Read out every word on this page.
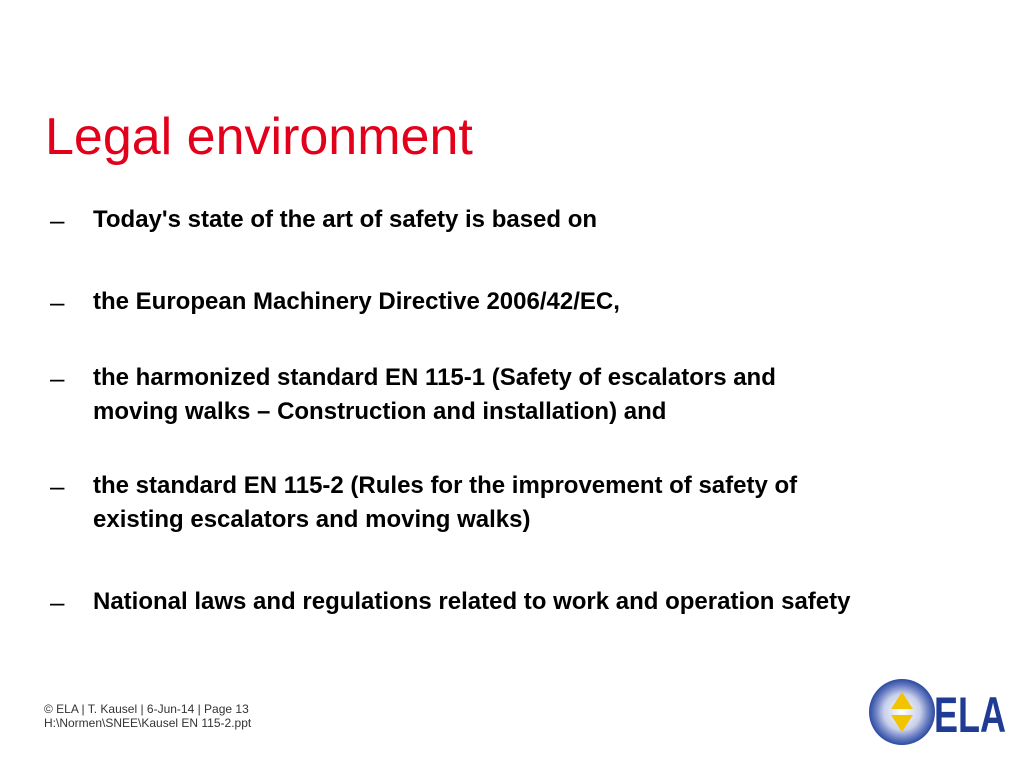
Legal environment
–	Today's state of the art of safety is based on
–	the European Machinery Directive 2006/42/EC,
–	the harmonized standard EN 115-1 (Safety of escalators and moving walks – Construction and installation) and
–	the standard EN 115-2 (Rules for the improvement of safety of existing escalators and moving walks)
–	National laws and regulations related to work and operation safety
© ELA | T. Kausel | 6-Jun-14 | Page 13
H:\Normen\SNEE\Kausel EN 115-2.ppt	ELA
